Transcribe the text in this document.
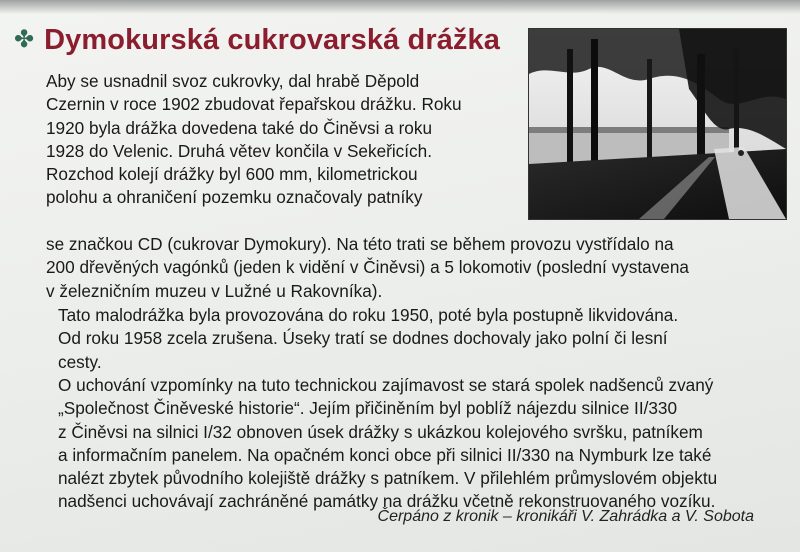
✤ Dymokurská cukrovarská drážka
Aby se usnadnil svoz cukrovky, dal hrabě Děpold
Czernin v roce 1902 zbudovat řepařskou drážku. Roku
1920 byla drážka dovedena také do Činěvsi a roku
1928 do Velenic. Druhá větev končila v Sekeřicích.
Rozchod kolejí drážky byl 600 mm, kilometrickou
polohu a ohraničení pozemku označovaly patníky
se značkou CD (cukrovar Dymokury). Na této trati se během provozu vystřídalo na
200 dřevěných vagónků (jeden k vidění v Činěvsi) a 5 lokomotiv (poslední vystavena
v železničním muzeu v Lužné u Rakovníka).
Tato malodrážka byla provozována do roku 1950, poté byla postupně likvidována.
Od roku 1958 zcela zrušena. Úseky tratí se dodnes dochovaly jako polní či lesní
cesty.
O uchování vzpomínky na tuto technickou zajímavost se stará spolek nadšenců zvaný
„Společnost Činěveské historie“. Jejím přičiněním byl poblíž nájezdu silnice II/330
z Činěvsi na silnici I/32 obnoven úsek drážky s ukázkou kolejového svršku, patníkem
a informačním panelem. Na opačném konci obce při silnici II/330 na Nymburk lze také
nalézt zbytek původního kolejiště drážky s patníkem. V přilehlém průmyslovém objektu
nadšenci uchovávají zachráněné památky na drážku včetně rekonstruovaného vozíku.
Čerpáno z kronik – kronikáři V. Zahrádka a V. Sobota
